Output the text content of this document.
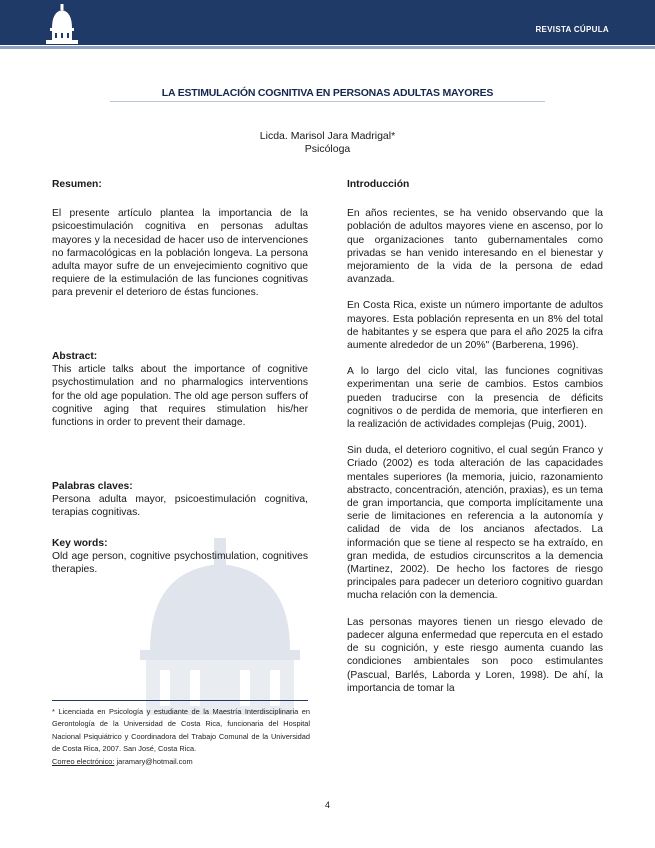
REVISTA CÚPULA
LA ESTIMULACIÓN COGNITIVA EN PERSONAS ADULTAS MAYORES
Licda. Marisol Jara Madrigal*
Psicóloga

Resumen:

El presente artículo plantea la importancia de la psicoestimulación cognitiva en personas adultas mayores y la necesidad de hacer uso de intervenciones no farmacológicas en la población longeva. La persona adulta mayor sufre de un envejecimiento cognitivo que requiere de la estimulación de las funciones cognitivas para prevenir el deterioro de éstas funciones.

Abstract:

This article talks about the importance of cognitive psychostimulation and no pharmalogics interventions for the old age population. The old age person suffers of cognitive aging that requires stimulation his/her functions in order to prevent their damage.

Palabras claves:

Persona adulta mayor, psicoestimulación cognitiva, terapias cognitivas.

Key words:

Old age person, cognitive psychostimulation, cognitives therapies.

* Licenciada en Psicología y estudiante de la Maestría Interdisciplinaria en Gerontología de la Universidad de Costa Rica, funcionaria del Hospital Nacional Psiquiátrico y Coordinadora del Trabajo Comunal de la Universidad de Costa Rica, 2007. San José, Costa Rica.

Correo electrónico: jaramary@hotmail.com

Introducción

En años recientes, se ha venido observando que la población de adultos mayores viene en ascenso, por lo que organizaciones tanto gubernamentales como privadas se han venido interesando en el bienestar y mejoramiento de la vida de la persona de edad avanzada.

En Costa Rica, existe un número importante de adultos mayores. Esta población representa en un 8% del total de habitantes y se espera que para el año 2025 la cifra aumente alrededor de un 20%" (Barberena, 1996).

A lo largo del ciclo vital, las funciones cognitivas experimentan una serie de cambios. Estos cambios pueden traducirse con la presencia de déficits cognitivos o de perdida de memoria, que interfieren en la realización de actividades complejas (Puig, 2001).

Sin duda, el deterioro cognitivo, el cual según Franco y Criado (2002) es toda alteración de las capacidades mentales superiores (la memoria, juicio, razonamiento abstracto, concentración, atención, praxias), es un tema de gran importancia, que comporta implícitamente una serie de limitaciones en referencia a la autonomía y calidad de vida de los ancianos afectados. La información que se tiene al respecto se ha extraído, en gran medida, de estudios circunscritos a la demencia (Martinez, 2002). De hecho los factores de riesgo principales para padecer un deterioro cognitivo guardan mucha relación con la demencia.

Las personas mayores tienen un riesgo elevado de padecer alguna enfermedad que repercuta en el estado de su cognición, y este riesgo aumenta cuando las condiciones ambientales son poco estimulantes (Pascual, Barlés, Laborda y Loren, 1998). De ahí, la importancia de tomar la

4
